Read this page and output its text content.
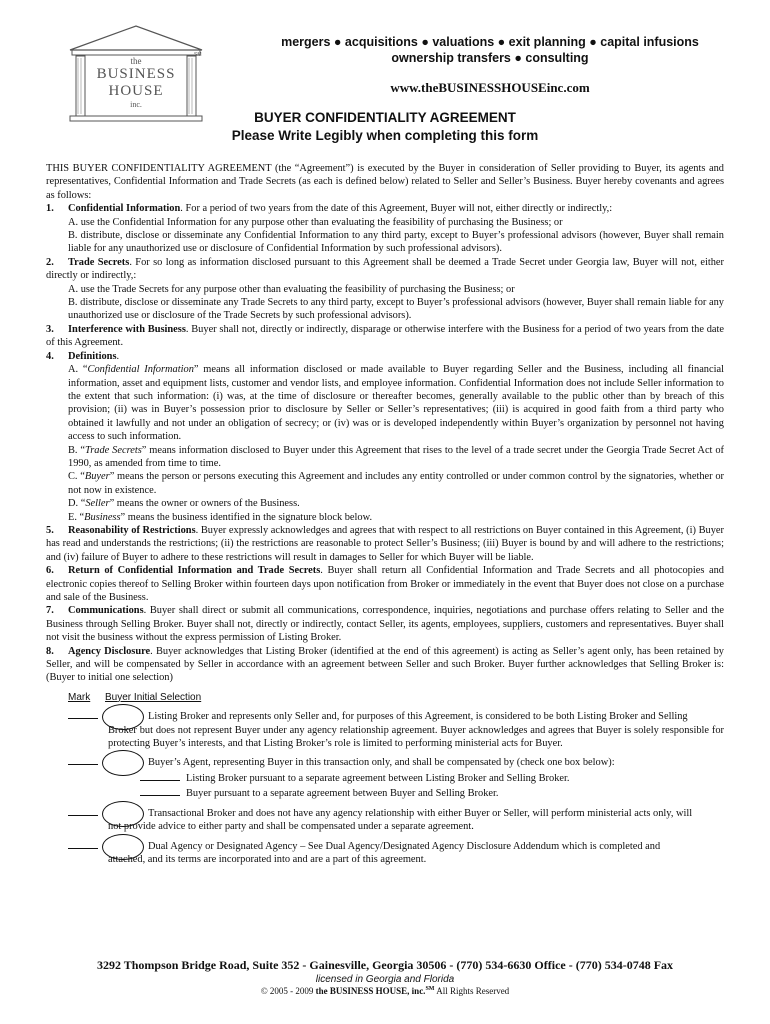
the
BUSINESS
HOUSE
inc.
SM
mergers ● acquisitions ● valuations ● exit planning ● capital infusions
ownership transfers ● consulting
www.theBUSINESSHOUSEinc.com
BUYER CONFIDENTIALITY AGREEMENT
Please Write Legibly when completing this form

THIS BUYER CONFIDENTIALITY AGREEMENT (the “Agreement”) is executed by the Buyer in consideration of Seller providing to Buyer, its agents and representatives, Confidential Information and Trade Secrets (as each is defined below) related to Seller and Seller’s Business. Buyer hereby covenants and agrees as follows:

1. Confidential Information. For a period of two years from the date of this Agreement, Buyer will not, either directly or indirectly,:

A. use the Confidential Information for any purpose other than evaluating the feasibility of purchasing the Business; or

B. distribute, disclose or disseminate any Confidential Information to any third party, except to Buyer’s professional advisors (however, Buyer shall remain liable for any unauthorized use or disclosure of Confidential Information by such professional advisors).

2. Trade Secrets. For so long as information disclosed pursuant to this Agreement shall be deemed a Trade Secret under Georgia law, Buyer will not, either directly or indirectly,:

A. use the Trade Secrets for any purpose other than evaluating the feasibility of purchasing the Business; or

B. distribute, disclose or disseminate any Trade Secrets to any third party, except to Buyer’s professional advisors (however, Buyer shall remain liable for any unauthorized use or disclosure of the Trade Secrets by such professional advisors).

3. Interference with Business. Buyer shall not, directly or indirectly, disparage or otherwise interfere with the Business for a period of two years from the date of this Agreement.

4. Definitions.

A. “Confidential Information” means all information disclosed or made available to Buyer regarding Seller and the Business, including all financial information, asset and equipment lists, customer and vendor lists, and employee information. Confidential Information does not include Seller information to the extent that such information: (i) was, at the time of disclosure or thereafter becomes, generally available to the public other than by breach of this provision; (ii) was in Buyer’s possession prior to disclosure by Seller or Seller’s representatives; (iii) is acquired in good faith from a third party who obtained it lawfully and not under an obligation of secrecy; or (iv) was or is developed independently within Buyer’s organization by personnel not having access to such information.

B. “Trade Secrets” means information disclosed to Buyer under this Agreement that rises to the level of a trade secret under the Georgia Trade Secret Act of 1990, as amended from time to time.

C. “Buyer” means the person or persons executing this Agreement and includes any entity controlled or under common control by the signatories, whether or not now in existence.

D. “Seller” means the owner or owners of the Business.

E. “Business” means the business identified in the signature block below.

5. Reasonability of Restrictions. Buyer expressly acknowledges and agrees that with respect to all restrictions on Buyer contained in this Agreement, (i) Buyer has read and understands the restrictions; (ii) the restrictions are reasonable to protect Seller’s Business; (iii) Buyer is bound by and will adhere to the restrictions; and (iv) failure of Buyer to adhere to these restrictions will result in damages to Seller for which Buyer will be liable.

6. Return of Confidential Information and Trade Secrets. Buyer shall return all Confidential Information and Trade Secrets and all photocopies and electronic copies thereof to Selling Broker within fourteen days upon notification from Broker or immediately in the event that Buyer does not close on a purchase and sale of the Business.

7. Communications. Buyer shall direct or submit all communications, correspondence, inquiries, negotiations and purchase offers relating to Seller and the Business through Selling Broker. Buyer shall not, directly or indirectly, contact Seller, its agents, employees, suppliers, customers and representatives. Buyer shall not visit the business without the express permission of Listing Broker.

8. Agency Disclosure. Buyer acknowledges that Listing Broker (identified at the end of this agreement) is acting as Seller’s agent only, has been retained by Seller, and will be compensated by Seller in accordance with an agreement between Seller and such Broker. Buyer further acknowledges that Selling Broker is: (Buyer to initial one selection)

Mark Buyer Initial Selection
Listing Broker and represents only Seller and, for purposes of this Agreement, is considered to be both Listing Broker and Selling
Broker but does not represent Buyer under any agency relationship agreement. Buyer acknowledges and agrees that Buyer is solely responsible for protecting Buyer’s interests, and that Listing Broker’s role is limited to performing ministerial acts for Buyer.
Buyer’s Agent, representing Buyer in this transaction only, and shall be compensated by (check one box below):
Listing Broker pursuant to a separate agreement between Listing Broker and Selling Broker.
Buyer pursuant to a separate agreement between Buyer and Selling Broker.
Transactional Broker and does not have any agency relationship with either Buyer or Seller, will perform ministerial acts only, will
not provide advice to either party and shall be compensated under a separate agreement.
Dual Agency or Designated Agency – See Dual Agency/Designated Agency Disclosure Addendum which is completed and
attached, and its terms are incorporated into and are a part of this agreement.
3292 Thompson Bridge Road, Suite 352 - Gainesville, Georgia 30506 - (770) 534-6630 Office - (770) 534-0748 Fax
licensed in Georgia and Florida
© 2005 - 2009 the BUSINESS HOUSE, inc.℠ All Rights Reserved
